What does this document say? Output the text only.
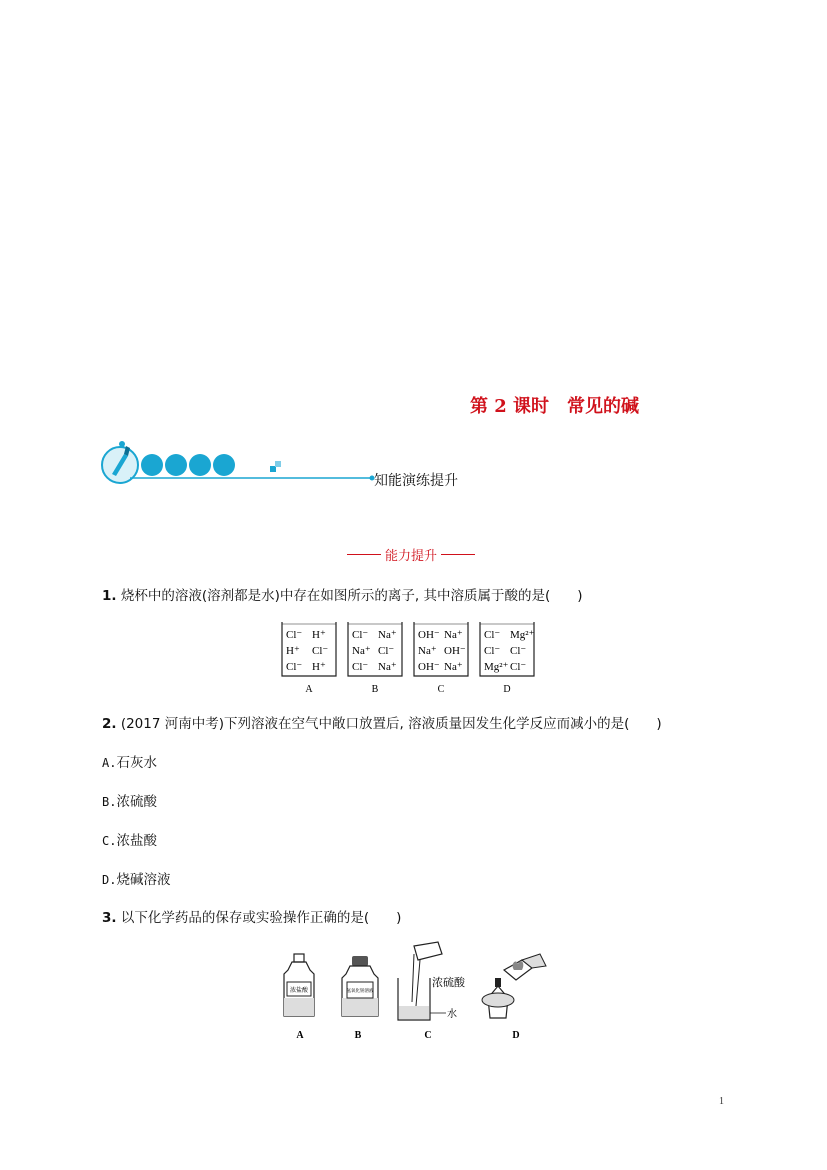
第 2 课时　常见的碱
知能演练提升
能力提升
1. 烧杯中的溶液(溶剂都是水)中存在如图所示的离子, 其中溶质属于酸的是(　　)
Cl⁻ H⁺
H⁺ Cl⁻
Cl⁻ H⁺
A
Cl⁻ Na⁺
Na⁺ Cl⁻
Cl⁻ Na⁺
B
OH⁻ Na⁺
Na⁺ OH⁻
OH⁻ Na⁺
C
Cl⁻ Mg²⁺
Cl⁻ Cl⁻
Mg²⁺ Cl⁻
D
2. (2017 河南中考)下列溶液在空气中敞口放置后, 溶液质量因发生化学反应而减小的是(　　)
A.石灰水
B.浓硫酸
C.浓盐酸
D.烧碱溶液
3. 以下化学药品的保存或实验操作正确的是(　　)
浓盐酸
A
氢氧化钠溶液
B
浓硫酸
水
C	D
1
